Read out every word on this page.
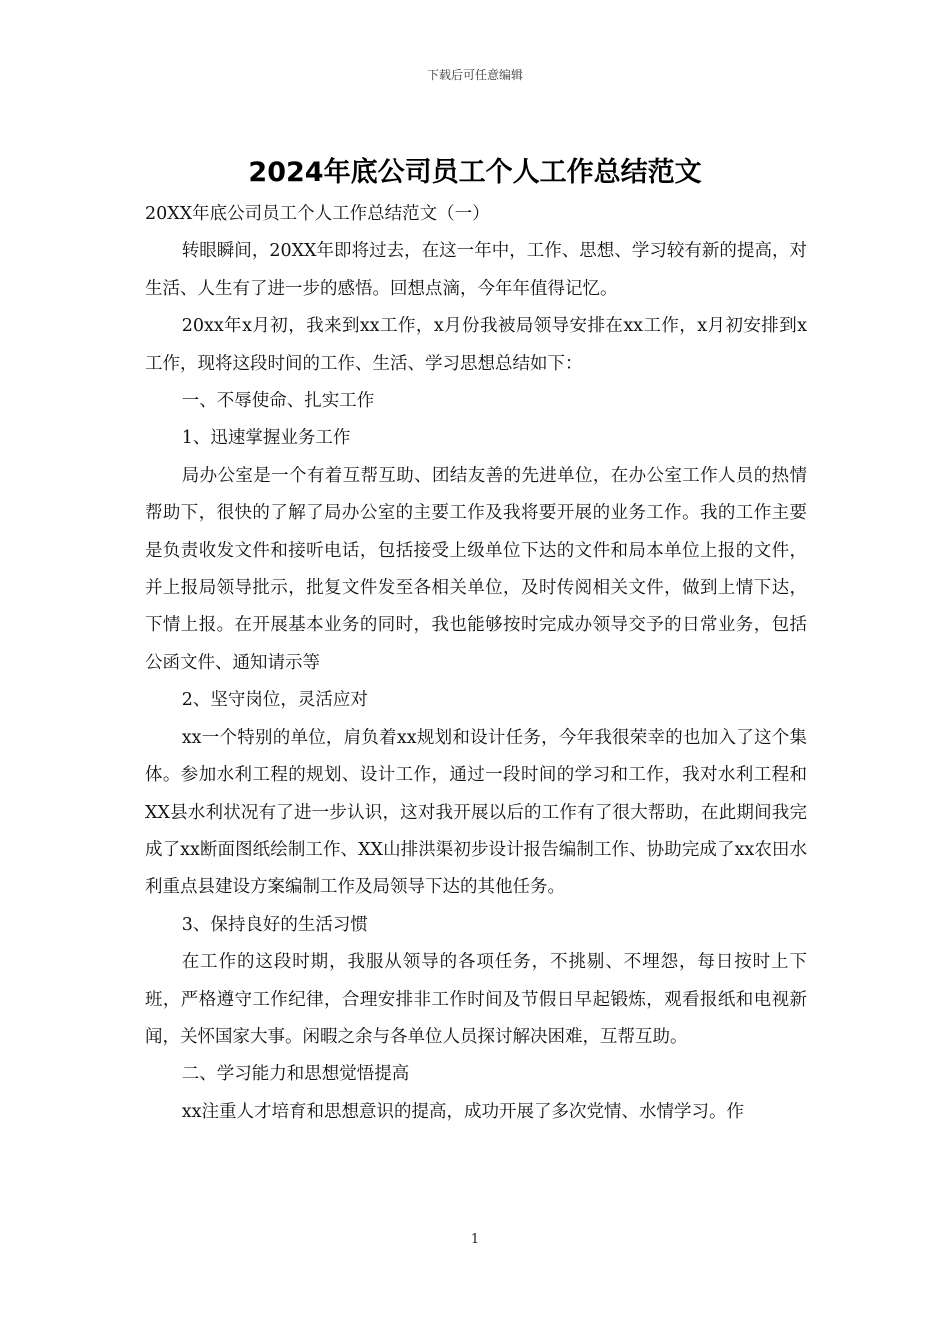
下载后可任意编辑
2024年底公司员工个人工作总结范文

20XX年底公司员工个人工作总结范文（一）

转眼瞬间，20XX年即将过去，在这一年中，工作、思想、学习较有新的提高，对生活、人生有了进一步的感悟。回想点滴，今年年值得记忆。

20xx年x月初，我来到xx工作，x月份我被局领导安排在xx工作，x月初安排到x工作，现将这段时间的工作、生活、学习思想总结如下：

一、不辱使命、扎实工作

1、迅速掌握业务工作

局办公室是一个有着互帮互助、团结友善的先进单位，在办公室工作人员的热情帮助下，很快的了解了局办公室的主要工作及我将要开展的业务工作。我的工作主要是负责收发文件和接听电话，包括接受上级单位下达的文件和局本单位上报的文件，并上报局领导批示，批复文件发至各相关单位，及时传阅相关文件，做到上情下达，下情上报。在开展基本业务的同时，我也能够按时完成办领导交予的日常业务，包括公函文件、通知请示等

2、坚守岗位，灵活应对

xx一个特别的单位，肩负着xx规划和设计任务，今年我很荣幸的也加入了这个集体。参加水利工程的规划、设计工作，通过一段时间的学习和工作，我对水利工程和XX县水利状况有了进一步认识，这对我开展以后的工作有了很大帮助，在此期间我完成了xx断面图纸绘制工作、XX山排洪渠初步设计报告编制工作、协助完成了xx农田水利重点县建设方案编制工作及局领导下达的其他任务。

3、保持良好的生活习惯

在工作的这段时期，我服从领导的各项任务，不挑剔、不埋怨，每日按时上下班，严格遵守工作纪律，合理安排非工作时间及节假日早起锻炼，观看报纸和电视新闻，关怀国家大事。闲暇之余与各单位人员探讨解决困难，互帮互助。

二、学习能力和思想觉悟提高

xx注重人才培育和思想意识的提高，成功开展了多次党情、水情学习。作

1
